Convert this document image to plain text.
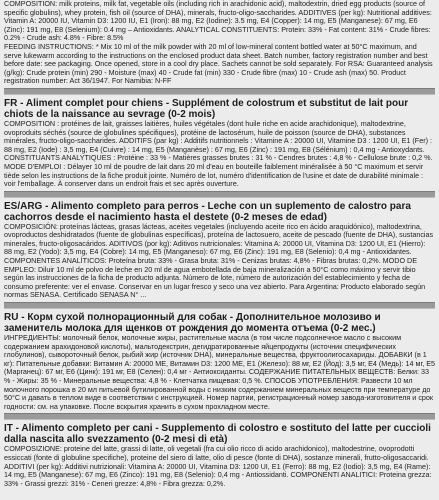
COMPOSITION: milk proteins, milk fat, vegetable oils (including rich in arachidonic acid), maltodextrin, dried egg products (source of specific globulins), whey protein, fish oil (source of DHA), minerals, fructo-oligo-saccharides. ADDITIVES (per kg): Nutritional additives: Vitamin A: 20000 IU, Vitamin D3: 1200 IU, E1 (Iron): 88 mg, E2 (Iodine): 3.5 mg, E4 (Copper): 14 mg, E5 (Manganese): 67 mg, E6 (Zinc): 191 mg, E8 (Selenium): 0.4 mg – Antioxidants. ANALYTICAL CONSTITUENTS: Protein: 33% - Fat content: 31% - Crude fibres: 0.2% - Crude ash: 4.8% - Fibre: 8.5%

FEEDING INSTRUCTIONS: * Mix 10 ml of the milk powder with 20 ml of low-mineral content bottled water at 50°C maximum, and serve lukewarm according to the instructions on the enclosed product data sheet. Batch number, factory registration number and best before date: see packaging. Once opened, store in a cool dry place. Sachets cannot be sold separately. For RSA: Guaranteed analysis (g/kg): Crude protein (min) 290 - Moisture (max) 40 - Crude fat (min) 330 - Crude fibre (max) 10 - Crude ash (max) 50. Product registration number: Act 36/1947. For Namibia: N-FF

FR - Aliment complet pour chiens - Supplément de colostrum et substitut de lait pour chiots de la naissance au sevrage (0-2 mois)

COMPOSITION : protéines de lait, graisses laitières, huiles végétales (dont huile riche en acide arachidonique), maltodextrine, ovoproduits séchés (source de globulines spécifiques), protéine de lactosérum, huile de poisson (source de DHA), substances minérales, fructo-oligo-saccharides. ADDITIFS (par kg) : Additifs nutritionnels : Vitamine A : 20000 UI, Vitamine D3 : 1200 UI, E1 (Fer) : 88 mg, E2 (Iode) : 3,5 mg, E4 (Cuivre) : 14 mg, E5 (Manganèse) : 67 mg, E6 (Zinc) : 191 mg, E8 (Sélénium) : 0,4 mg - Antioxydants. CONSTITUANTS ANALYTIQUES : Protéine : 33 % - Matières grasses brutes : 31 % - Cendres brutes : 4,8 % - Cellulose brute : 0,2 %. MODE D'EMPLOI : Délayer 10 ml de poudre de lait dans 20 ml d'eau en bouteille faiblement minéralisée à 50 °C maximum et servir tiède selon les instructions de la fiche produit jointe. Numéro de lot, numéro d'identification de l'usine et date de durabilité minimale : voir l'emballage. À conserver dans un endroit frais et sec après ouverture.

ES/ARG - Alimento completo para perros - Leche con un suplemento de calostro para cachorros desde el nacimiento hasta el destete (0-2 meses de edad)

COMPOSICIÓN: proteínas lácteas, grasas lácteas, aceites vegetales (incluyendo aceite rico en ácido araquidónico), maltodextrina, ovoproductos deshidratados (fuente de globulinas específicas), proteína de lactosuero, aceite de pescado (fuente de DHA), sustancias minerales, fructo-oligosacáridos. ADITIVOS (por kg): Aditivos nutricionales: Vitamina A: 20000 UI, Vitamina D3: 1200 UI, E1 (Hierro): 88 mg, E2 (Yodo): 3,5 mg, E4 (Cobre): 14 mg, E5 (Manganeso): 67 mg, E6 (Zinc): 191 mg, E8 (Selenio): 0,4 mg - Antioxidantes. COMPONENTES ANALÍTICOS: Proteína bruta: 33% - Grasa bruta: 31% - Cenizas brutas: 4,8% - Fibras brutas: 0,2%. MODO DE EMPLEO: Diluir 10 ml de polvo de leche en 20 ml de agua embotellada de baja mineralización a 50°C como máximo y servir tibio según las instrucciones de la ficha de producto adjunta. Número de lote, número de autorización del establecimiento y fecha de consumo preferente: ver el envase. Conservar en un lugar fresco y seco una vez abierto. Para Argentina: Producto elaborado según normas SENASA. Certificado SENASA N° ...

RU - Корм сухой полнорационный для собак - Дополнительное молозиво и заменитель молока для щенков от рождения до момента отъема (0-2 мес.)

ИНГРЕДИЕНТЫ: молочный белок, молочные жиры, растительные масла (в том числе подсолнечное масло с высоким содержанием арахидоновой кислоты), мальтодекстрин, дегидратированные яйцепродукты (источник специфических глобулинов), сывороточный белок, рыбий жир (источник DHA), минеральные вещества, фруктоолигосахариды. ДОБАВКИ (в 1 кг): Питательные добавки: Витамин А: 20000 МЕ, Витамин D3: 1200 МЕ, Е1 (Железо): 88 мг, Е2 (Йод): 3,5 мг, Е4 (Медь): 14 мг, Е5 (Марганец): 67 мг, Е6 (Цинк): 191 мг, Е8 (Селен): 0,4 мг - Антиоксиданты. СОДЕРЖАНИЕ ПИТАТЕЛЬНЫХ ВЕЩЕСТВ: Белки: 33 % - Жиры: 35 % - Минеральные вещества: 4,8 % - Клетчатка пищевая: 0,5 %. СПОСОБ УПОТРЕБЛЕНИЯ: Развести 10 мл молочного порошка в 20 мл питьевой бутилированной воды с низким содержанием минеральных веществ при температуре до 50°C и давать в теплом виде в соответствии с инструкцией. Номер партии, регистрационный номер завода-изготовителя и срок годности: см. на упаковке. После вскрытия хранить в сухом прохладном месте.

IT - Alimento completo per cani - Supplemento di colostro e sostituto del latte per cuccioli dalla nascita allo svezzamento (0-2 mesi di età)

COMPOSIZIONE: proteine del latte, grassi di latte, oli vegetali (fra cui olio ricco di acido arachidonico), maltodestrine, ovoprodotti essiccati (fonte di globuline specifiche), proteine del siero di latte, olio di pesce (fonte di DHA), sostanze minerali, frutto-oligosaccaridi. ADDITIVI (per kg): Additivi nutrizionali: Vitamina A: 20000 UI, Vitamina D3: 1200 UI, E1 (Ferro): 88 mg, E2 (Iodio): 3,5 mg, E4 (Rame): 14 mg, E5 (Manganese): 67 mg, E6 (Zinco): 191 mg, E8 (Selenio): 0,4 mg - Antiossidanti. COMPONENTI ANALITICI: Proteina grezza: 33% - Grassi grezzi: 31% - Ceneri grezze: 4,8% - Fibra grezza: 0,2%.
